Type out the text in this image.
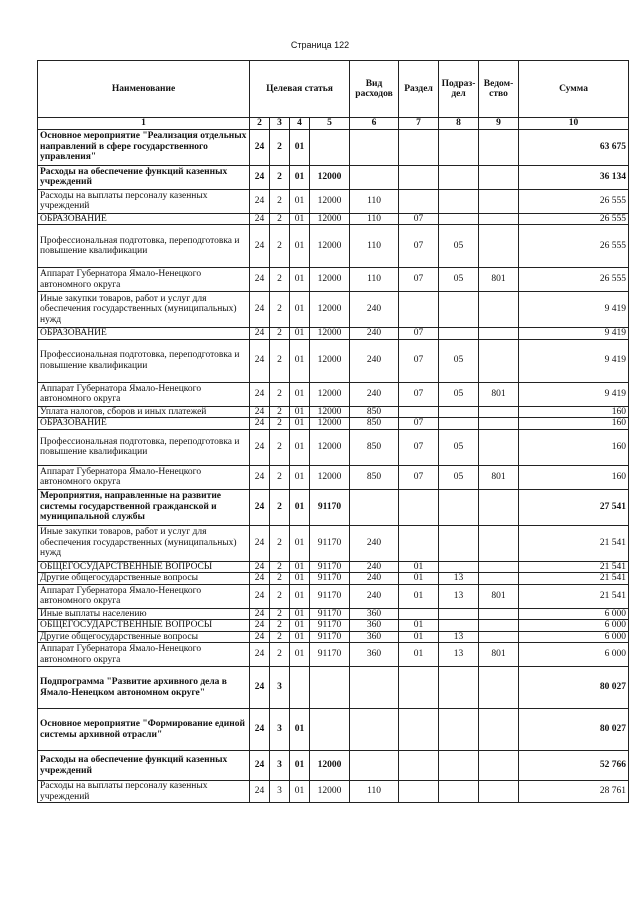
Страница 122
Наименование	Целевая статья				Вид расходов	Раздел	Подраз-дел	Ведом-ство	Сумма
1	2	3	4	5	6	7	8	9	10
Основное мероприятие "Реализация отдельных направлений в сфере государственного управления"	24	2	01						63 675
Расходы на обеспечение функций казенных учреждений	24	2	01	12000					36 134
Расходы на выплаты персоналу казенных учреждений	24	2	01	12000	110				26 555
ОБРАЗОВАНИЕ	24	2	01	12000	110	07			26 555
Профессиональная подготовка, переподготовка и повышение квалификации	24	2	01	12000	110	07	05		26 555
Аппарат Губернатора Ямало-Ненецкого автономного округа	24	2	01	12000	110	07	05	801	26 555
Иные закупки товаров, работ и услуг для обеспечения государственных (муниципальных) нужд	24	2	01	12000	240				9 419
ОБРАЗОВАНИЕ	24	2	01	12000	240	07			9 419
Профессиональная подготовка, переподготовка и повышение квалификации	24	2	01	12000	240	07	05		9 419
Аппарат Губернатора Ямало-Ненецкого автономного округа	24	2	01	12000	240	07	05	801	9 419
Уплата налогов, сборов и иных платежей	24	2	01	12000	850				160
ОБРАЗОВАНИЕ	24	2	01	12000	850	07			160
Профессиональная подготовка, переподготовка и повышение квалификации	24	2	01	12000	850	07	05		160
Аппарат Губернатора Ямало-Ненецкого автономного округа	24	2	01	12000	850	07	05	801	160
Мероприятия, направленные на развитие системы государственной гражданской и муниципальной службы	24	2	01	91170					27 541
Иные закупки товаров, работ и услуг для обеспечения государственных (муниципальных) нужд	24	2	01	91170	240				21 541
ОБЩЕГОСУДАРСТВЕННЫЕ ВОПРОСЫ	24	2	01	91170	240	01			21 541
Другие общегосударственные вопросы	24	2	01	91170	240	01	13		21 541
Аппарат Губернатора Ямало-Ненецкого автономного округа	24	2	01	91170	240	01	13	801	21 541
Иные выплаты населению	24	2	01	91170	360				6 000
ОБЩЕГОСУДАРСТВЕННЫЕ ВОПРОСЫ	24	2	01	91170	360	01			6 000
Другие общегосударственные вопросы	24	2	01	91170	360	01	13		6 000
Аппарат Губернатора Ямало-Ненецкого автономного округа	24	2	01	91170	360	01	13	801	6 000
Подпрограмма "Развитие архивного дела в Ямало-Ненецком автономном округе"	24	3							80 027
Основное мероприятие "Формирование единой системы архивной отрасли"	24	3	01						80 027
Расходы на обеспечение функций казенных учреждений	24	3	01	12000					52 766
Расходы на выплаты персоналу казенных учреждений	24	3	01	12000	110				28 761
